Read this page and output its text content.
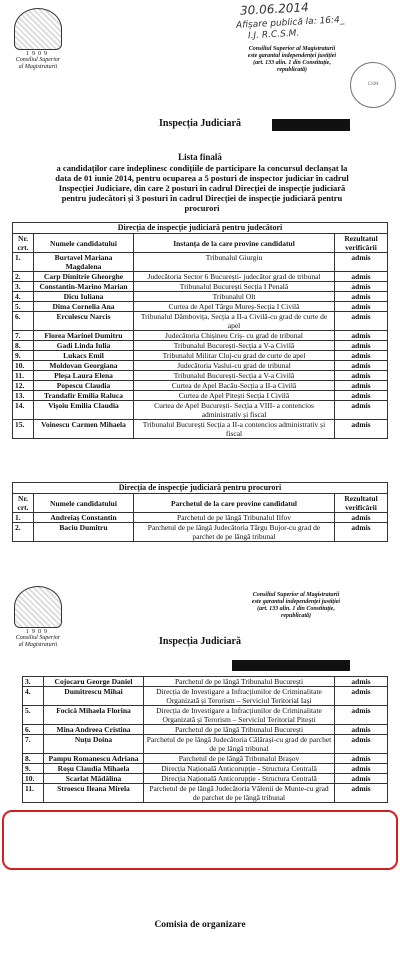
1909
Consiliul Superior
al Magistraturii
30.06.2014
Afișare publică la: 16:4_
I.J. R.C.S.M.
Consiliul Superior al Magistraturii
este garantul independenței justiției
(art. 133 alin. 1 din Constituție,
republicată)
CSM
Inspecția Judiciară
Lista finală
a candidaților care îndeplinesc condițiile de participare la concursul declanșat la data de 01 iunie 2014, pentru ocuparea a 5 posturi de inspector judiciar în cadrul Inspecției Judiciare, din care 2 posturi în cadrul Direcției de inspecție judiciară pentru judecători și 3 posturi în cadrul Direcției de inspecție judiciară pentru procurori
Direcția de inspecție judiciară pentru judecători
Nr. crt.	Numele candidatului	Instanța de la care provine candidatul	Rezultatul verificării
1.	Burtavel Mariana Magdalena	Tribunalul Giurgiu	admis
2.	Carp Dimitrie Gheorghe	Judecătoria Sector 6 București- judecător grad de tribunal	admis
3.	Constantin-Marino Marian	Tribunalul București Secția I Penală	admis
4.	Dicu Iuliana	Tribunalul Olt	admis
5.	Dima Cornelia Ana	Curtea de Apel Târgu Mureș-Secția I Civilă	admis
6.	Erculescu Narcis	Tribunalul Dâmbovița, Secția a II-a Civilă-cu grad de curte de apel	admis
7.	Florea Marinel Dumitru	Judecătoria Chișineu Criș- cu grad de tribunal	admis
8.	Gadi Linda Iulia	Tribunalul București-Secția a V-a Civilă	admis
9.	Lukacs Emil	Tribunalul Militar Cluj-cu grad de curte de apel	admis
10.	Moldovan Georgiana	Judecătoria Vaslui-cu grad de tribunal	admis
11.	Pleșa Laura Elena	Tribunalul București-Secția a V-a Civilă	admis
12.	Popescu Claudia	Curtea de Apel Bacău-Secția a II-a Civilă	admis
13.	Trandafir Emilia Raluca	Curtea de Apel Pitești Secția I Civilă	admis
14.	Vișoiu Emilia Claudia	Curtea de Apel București- Secția a VIII- a contencios administrativ și fiscal	admis
15.	Voinescu Carmen Mihaela	Tribunalul București Secția a II-a contencios administrativ și fiscal	admis
Direcția de inspecție judiciară pentru procurori
Nr. crt.	Numele candidatului	Parchetul de la care provine candidatul	Rezultatul verificării
1.	Andreiaș Constantin	Parchetul de pe lângă Tribunalul Ilfov	admis
2.	Baciu Dumitru	Parchetul de pe lângă Judecătoria Târgu Bujor-cu grad de parchet de pe lângă tribunal	admis
1909
Consiliul Superior
al Magistraturii
Consiliul Superior al Magistraturii
este garantul independenței justiției
(art. 133 alin. 1 din Constituție,
republicată)
Inspecția Judiciară
3.	Cojocaru George Daniel	Parchetul de pe lângă Tribunalul București	admis
4.	Dumitrescu Mihai	Direcția de Investigare a Infracțiunilor de Criminalitate Organizată și Terorism – Serviciul Teritorial Iași	admis
5.	Focică Mihaela Florina	Direcția de Investigare a Infracțiunilor de Criminalitate Organizată și Terorism – Serviciul Teritorial Pitești	admis
6.	Mina Andreea Cristina	Parchetul de pe lângă Tribunalul București	admis
7.	Nuțu Doina	Parchetul de pe lângă Judecătoria Călărași-cu grad de parchet de pe lângă tribunal	admis
8.	Pampu Romanescu Adriana	Parchetul de pe lângă Tribunalul Brașov	admis
9.	Roșu Claudia Mihaela	Direcția Națională Anticorupție - Structura Centrală	admis
10.	Scarlat Mădălina	Direcția Națională Anticorupție - Structura Centrală	admis
11.	Stroescu Ileana Mirela	Parchetul de pe lângă Judecătoria Vălenii de Munte-cu grad de parchet de pe lângă tribunal	admis
Comisia de organizare
